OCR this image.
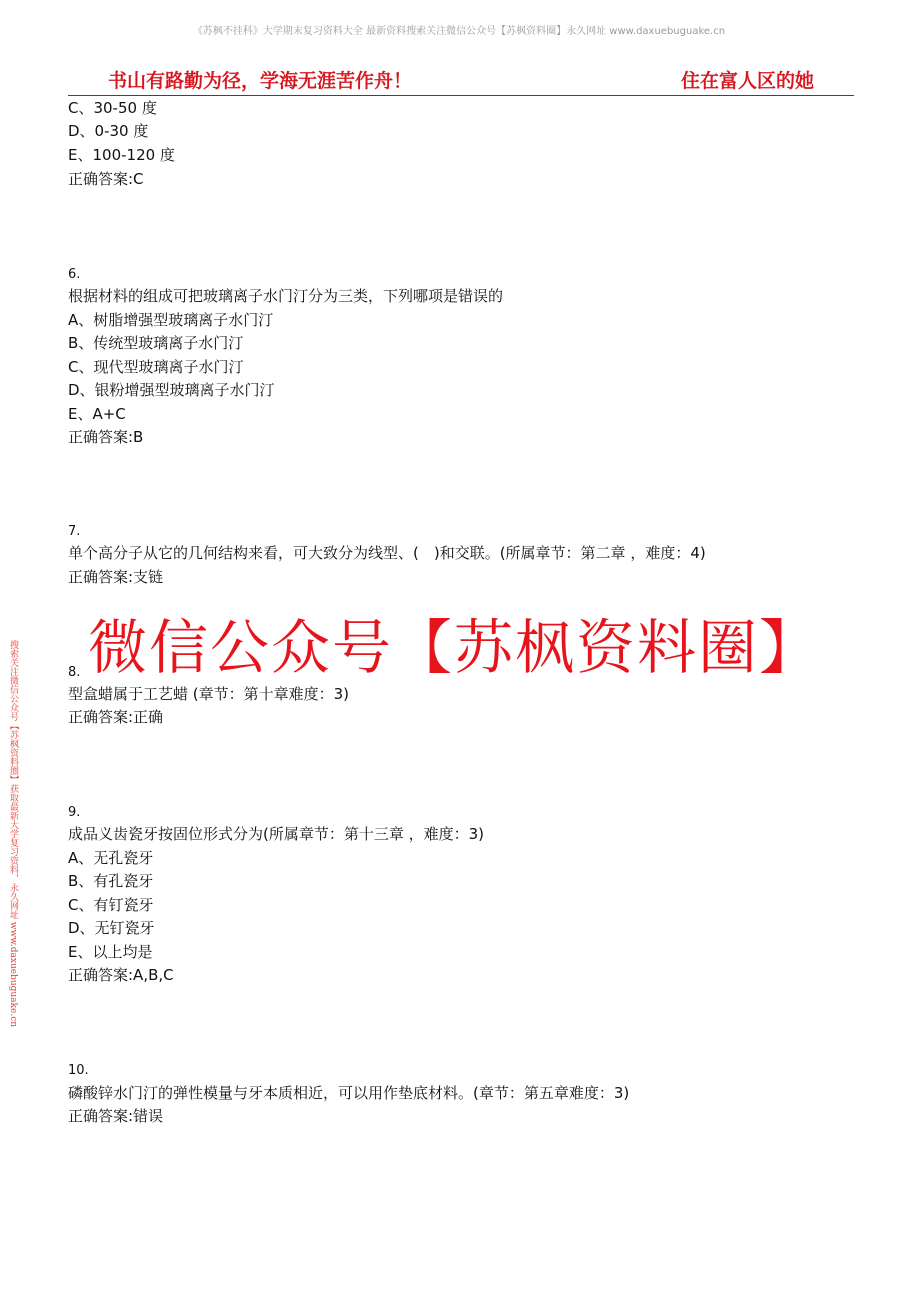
《苏枫不挂科》大学期末复习资料大全 最新资料搜索关注微信公众号【苏枫资料圈】永久网址 www.daxuebuguake.cn
书山有路勤为径，学海无涯苦作舟！	住在富人区的她
搜索关注微信公众号【苏枫资料圈】获取最新大学复习资料，永久网址 www.daxuebuguake.cn
C、30-50 度
D、0-30 度
E、100-120 度
正确答案:C
6.
根据材料的组成可把玻璃离子水门汀分为三类，下列哪项是错误的
A、树脂增强型玻璃离子水门汀
B、传统型玻璃离子水门汀
C、现代型玻璃离子水门汀
D、银粉增强型玻璃离子水门汀
E、A+C
正确答案:B
7.
单个高分子从它的几何结构来看，可大致分为线型、(　)和交联。(所属章节：第二章 ，难度：4)
正确答案:支链
微信公众号【苏枫资料圈】
8.
型盒蜡属于工艺蜡 (章节：第十章难度：3)
正确答案:正确
9.
成品义齿瓷牙按固位形式分为(所属章节：第十三章 ，难度：3)
A、无孔瓷牙
B、有孔瓷牙
C、有钉瓷牙
D、无钉瓷牙
E、以上均是
正确答案:A,B,C
10.
磷酸锌水门汀的弹性模量与牙本质相近，可以用作垫底材料。(章节：第五章难度：3)
正确答案:错误
